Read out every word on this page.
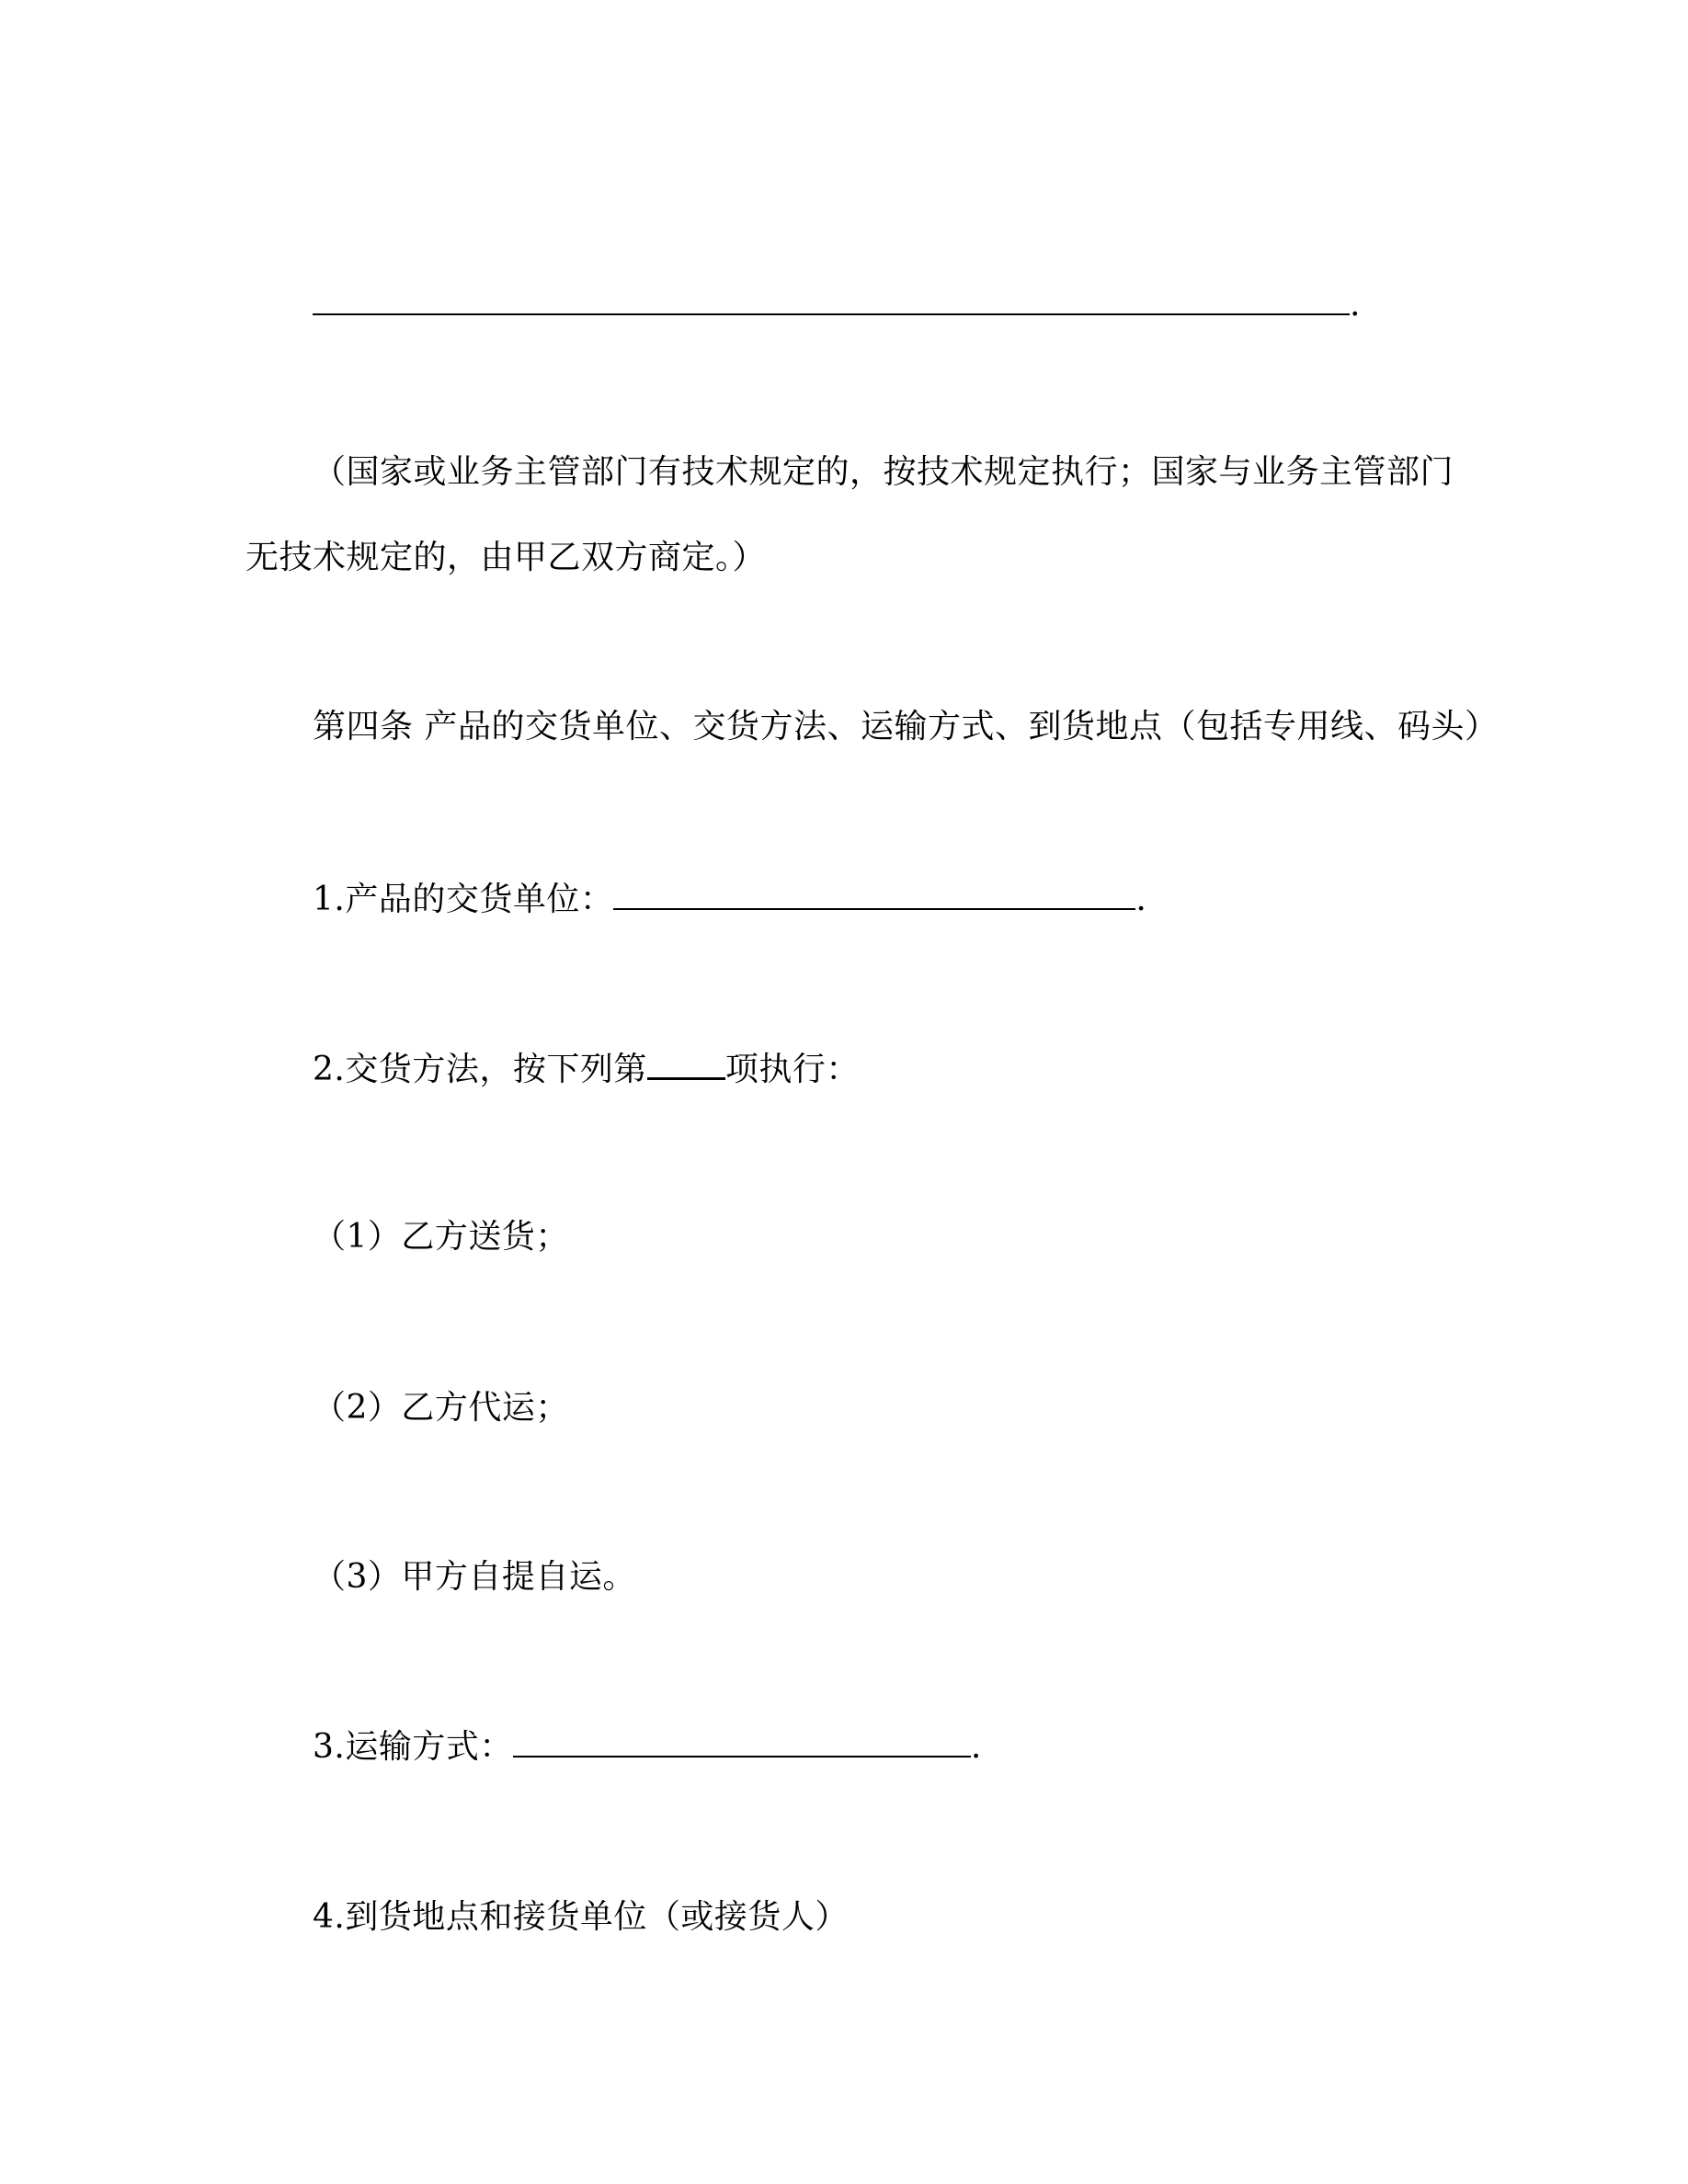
.
（国家或业务主管部门有技术规定的，按技术规定执行；国家与业务主管部门
无技术规定的，由甲乙双方商定。）
第四条 产品的交货单位、交货方法、运输方式、到货地点（包括专用线、码头）
1.产品的交货单位：	.
2.交货方法，按下列第 项执行：
（1）乙方送货；
（2）乙方代运；
（3）甲方自提自运。
3.运输方式：	.
4.到货地点和接货单位（或接货人）
